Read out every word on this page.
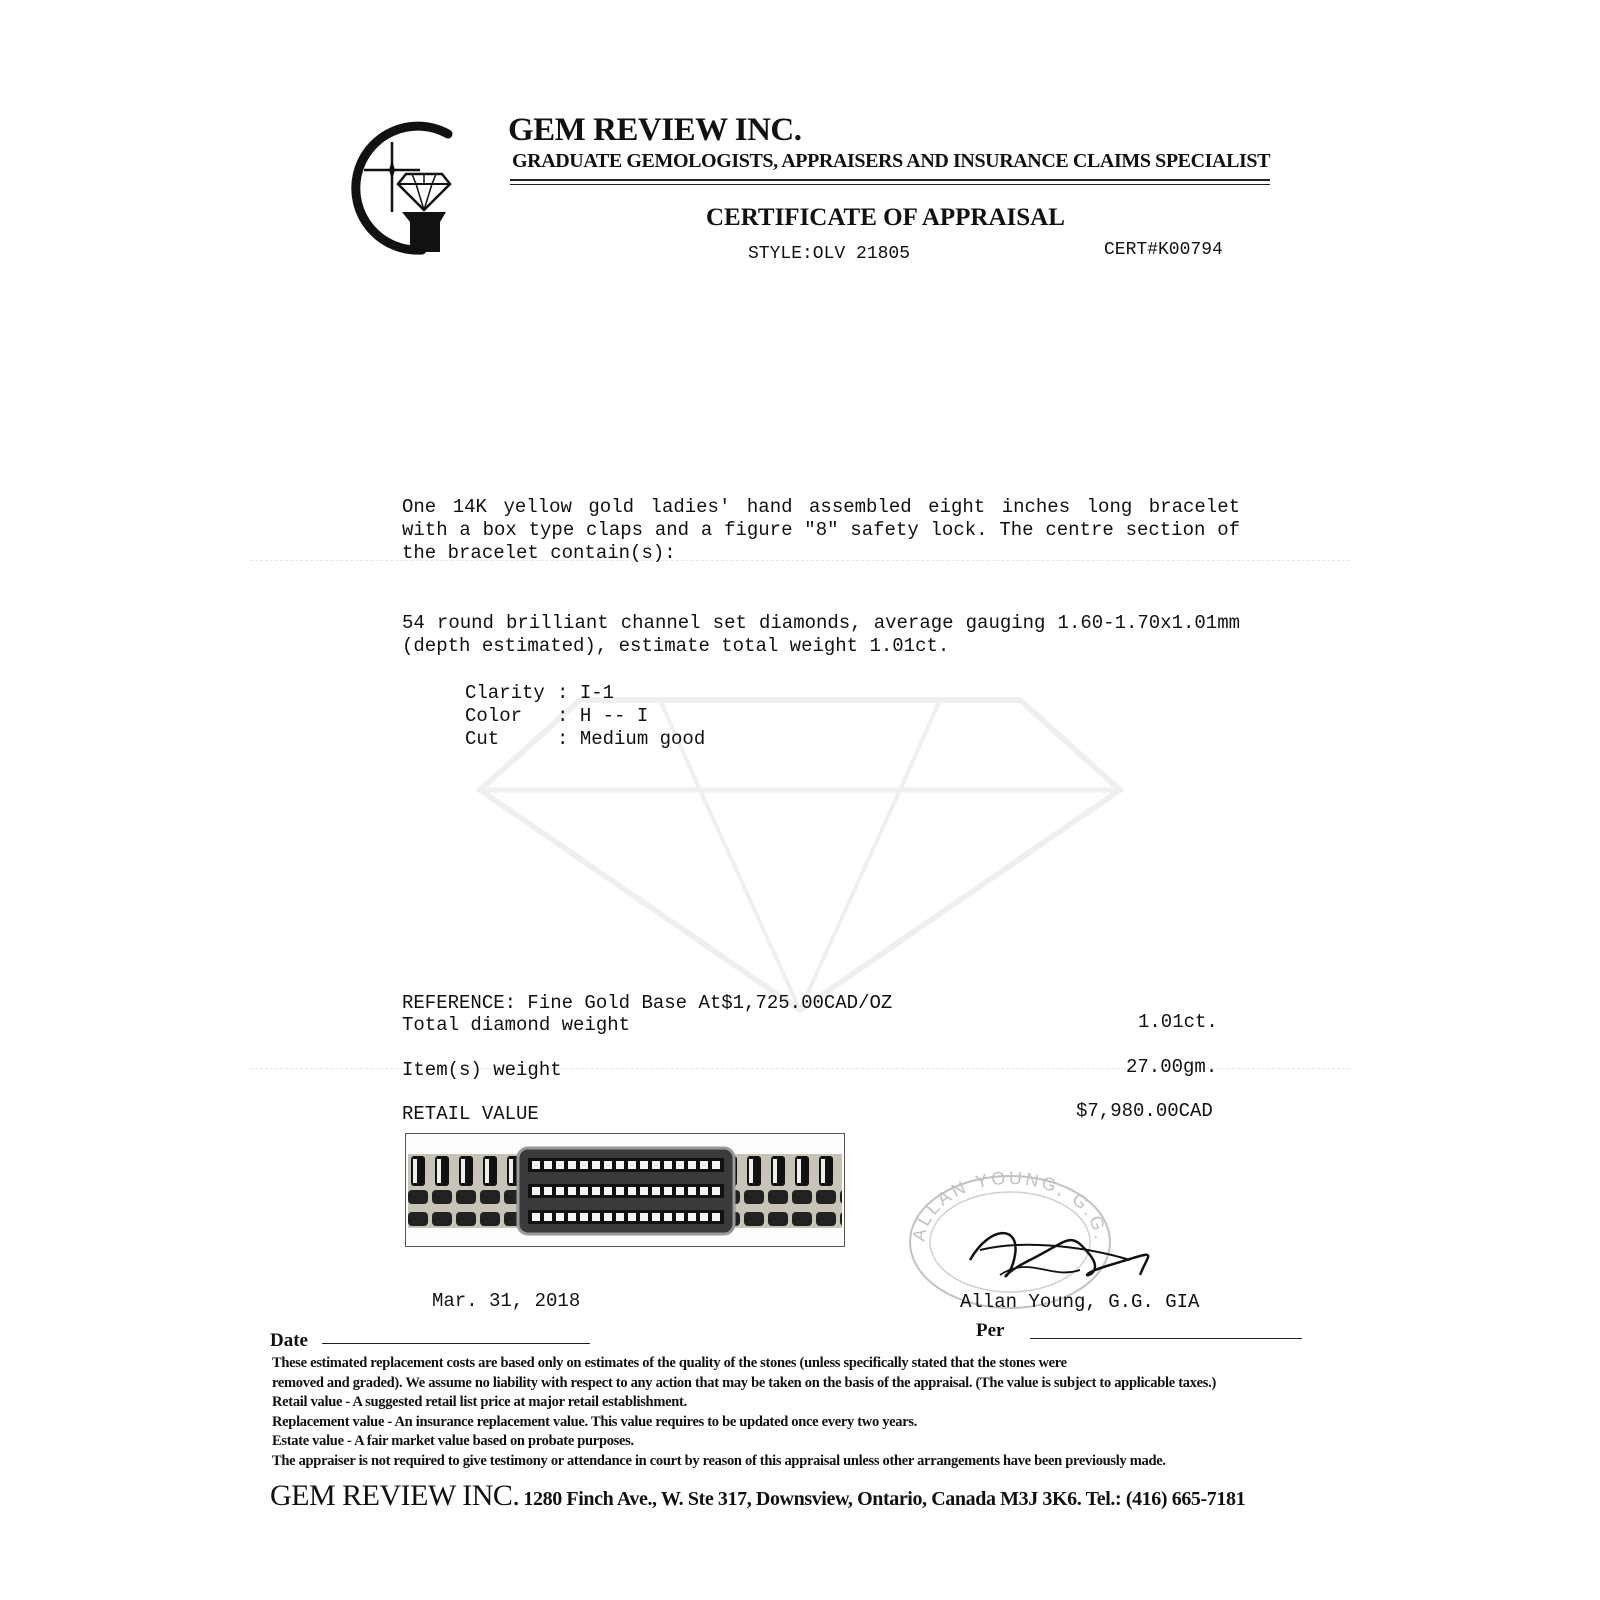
GEM REVIEW INC.
GRADUATE GEMOLOGISTS, APPRAISERS AND INSURANCE CLAIMS SPECIALIST
CERTIFICATE OF APPRAISAL
STYLE:OLV 21805	CERT#K00794
One 14K yellow gold ladies' hand assembled eight inches long bracelet with a box type claps and a figure "8" safety lock. The centre section of the bracelet contain(s):
54 round brilliant channel set diamonds, average gauging 1.60-1.70x1.01mm (depth estimated), estimate total weight 1.01ct.
Clarity : I-1
Color	: H -- I
Cut	: Medium good
REFERENCE: Fine Gold Base At$1,725.00CAD/OZ
Total diamond weight	1.01ct.
Item(s) weight	27.00gm.
RETAIL VALUE	$7,980.00CAD
ALLAN YOUNG, G.G.
Mar. 31, 2018	Allan Young, G.G. GIA
Date	Per
These estimated replacement costs are based only on estimates of the quality of the stones (unless specifically stated that the stones were
removed and graded). We assume no liability with respect to any action that may be taken on the basis of the appraisal. (The value is subject to applicable taxes.)
Retail value - A suggested retail list price at major retail establishment.
Replacement value - An insurance replacement value. This value requires to be updated once every two years.
Estate value - A fair market value based on probate purposes.
The appraiser is not required to give testimony or attendance in court by reason of this appraisal unless other arrangements have been previously made.
GEM REVIEW INC. 1280 Finch Ave., W. Ste 317, Downsview, Ontario, Canada M3J 3K6. Tel.: (416) 665-7181
